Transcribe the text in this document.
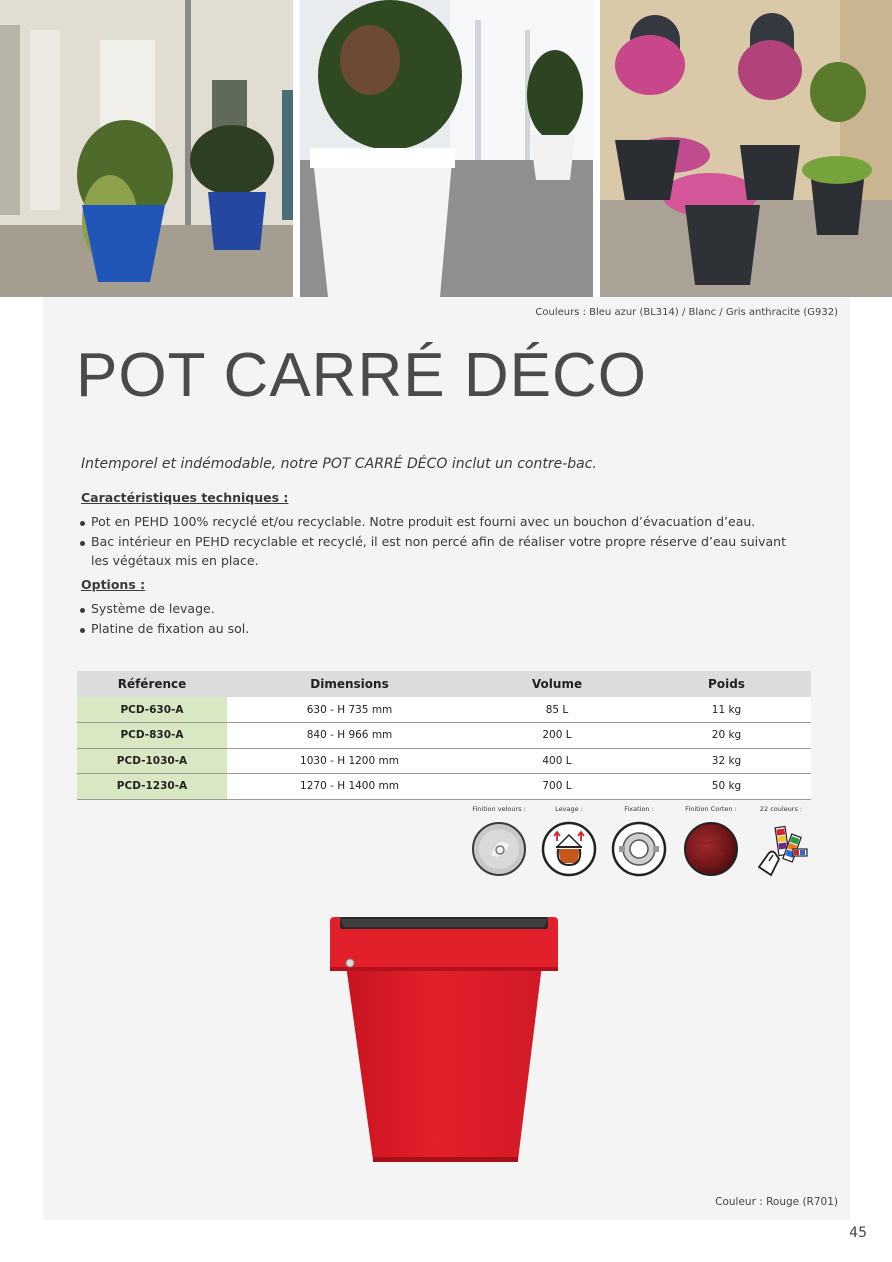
Couleurs : Bleu azur (BL314) / Blanc / Gris anthracite (G932)
POT CARRÉ DÉCO

Intemporel et indémodable, notre POT CARRÉ DÉCO inclut un contre-bac.

Caractéristiques techniques :
Pot en PEHD 100% recyclé et/ou recyclable. Notre produit est fourni avec un bouchon d’évacuation d’eau.
Bac intérieur en PEHD recyclable et recyclé, il est non percé afin de réaliser votre propre réserve d’eau suivant les végétaux mis en place.
Options :
Système de levage.
Platine de fixation au sol.
Référence	Dimensions	Volume	Poids
PCD-630-A	630 - H 735 mm	85 L	11 kg
PCD-830-A	840 - H 966 mm	200 L	20 kg
PCD-1030-A	1030 - H 1200 mm	400 L	32 kg
PCD-1230-A	1270 - H 1400 mm	700 L	50 kg
Finition velours :	Levage :	Fixation :	Finition Corten :	22 couleurs :
Couleur : Rouge (R701)
45
